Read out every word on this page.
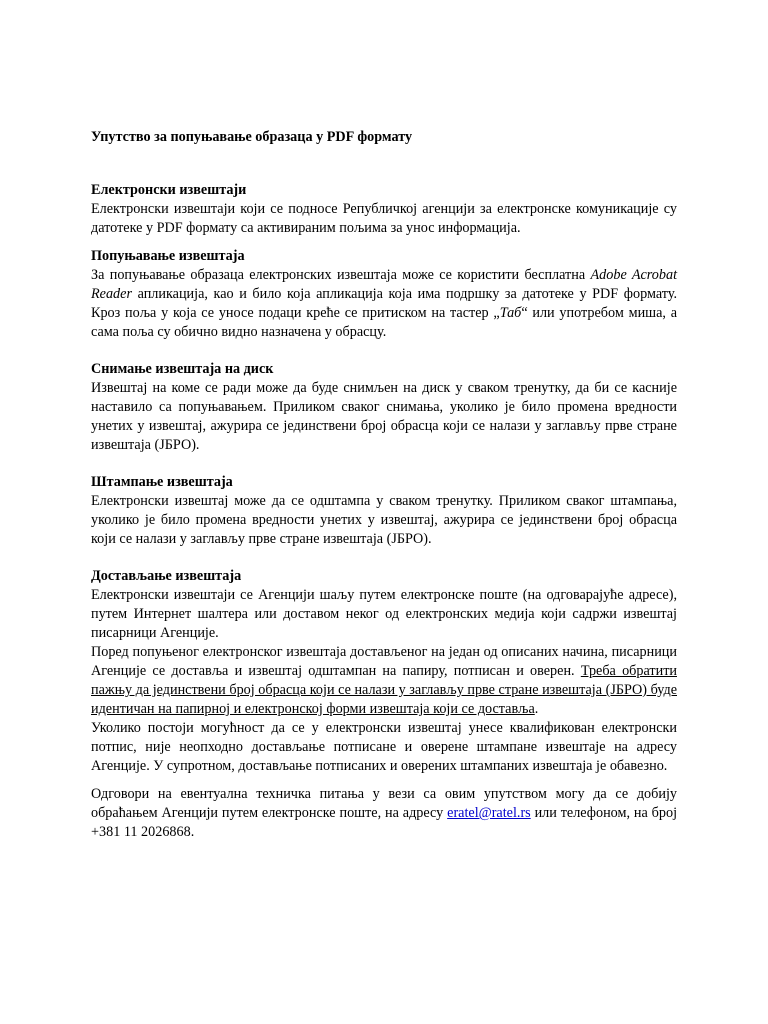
Упутство за попуњавање образаца у PDF формату
Електронски извештаји

Електронски извештаји који се подносе Републичкој агенцији за електронске комуникације су датотеке у PDF формату са активираним пољима за унос информација.

Попуњавање извештаја

За попуњавање образаца електронских извештаја може се користити бесплатна Adobe Acrobat Reader апликација, као и било која апликација која има подршку за датотеке у PDF формату. Кроз поља у која се уносе подаци креће се притиском на тастер „Таб“ или употребом миша, а сама поља су обично видно назначена у обрасцу.

Снимање извештаја на диск

Извештај на коме се ради може да буде снимљен на диск у сваком тренутку, да би се касније наставило са попуњавањем. Приликом сваког снимања, уколико је било промена вредности унетих у извештај, ажурира се јединствени број обрасца који се налази у заглављу прве стране извештаја (ЈБРО).

Штампање извештаја

Електронски извештај може да се одштампа у сваком тренутку. Приликом сваког штампања, уколико је било промена вредности унетих у извештај, ажурира се јединствени број обрасца који се налази у заглављу прве стране извештаја (ЈБРО).

Достављање извештаја

Електронски извештаји се Агенцији шаљу путем електронске поште (на одговарајуће адресе), путем Интернет шалтера или доставом неког од електронских медија који садржи извештај писарници Агенције.

Поред попуњеног електронског извештаја достављеног на један од описаних начина, писарници Агенције се доставља и извештај одштампан на папиру, потписан и оверен. Треба обратити пажњу да јединствени број обрасца који се налази у заглављу прве стране извештаја (ЈБРО) буде идентичан на папирној и електронској форми извештаја који се доставља.

Уколико постоји могућност да се у електронски извештај унесе квалификован електронски потпис, није неопходно достављање потписане и оверене штампане извештаје на адресу Агенције. У супротном, достављање потписаних и оверених штампаних извештаја је обавезно.

Одговори на евентуална техничка питања у вези са овим упутством могу да се добију обраћањем Агенцији путем електронске поште, на адресу eratel@ratel.rs или телефоном, на број +381 11 2026868.
